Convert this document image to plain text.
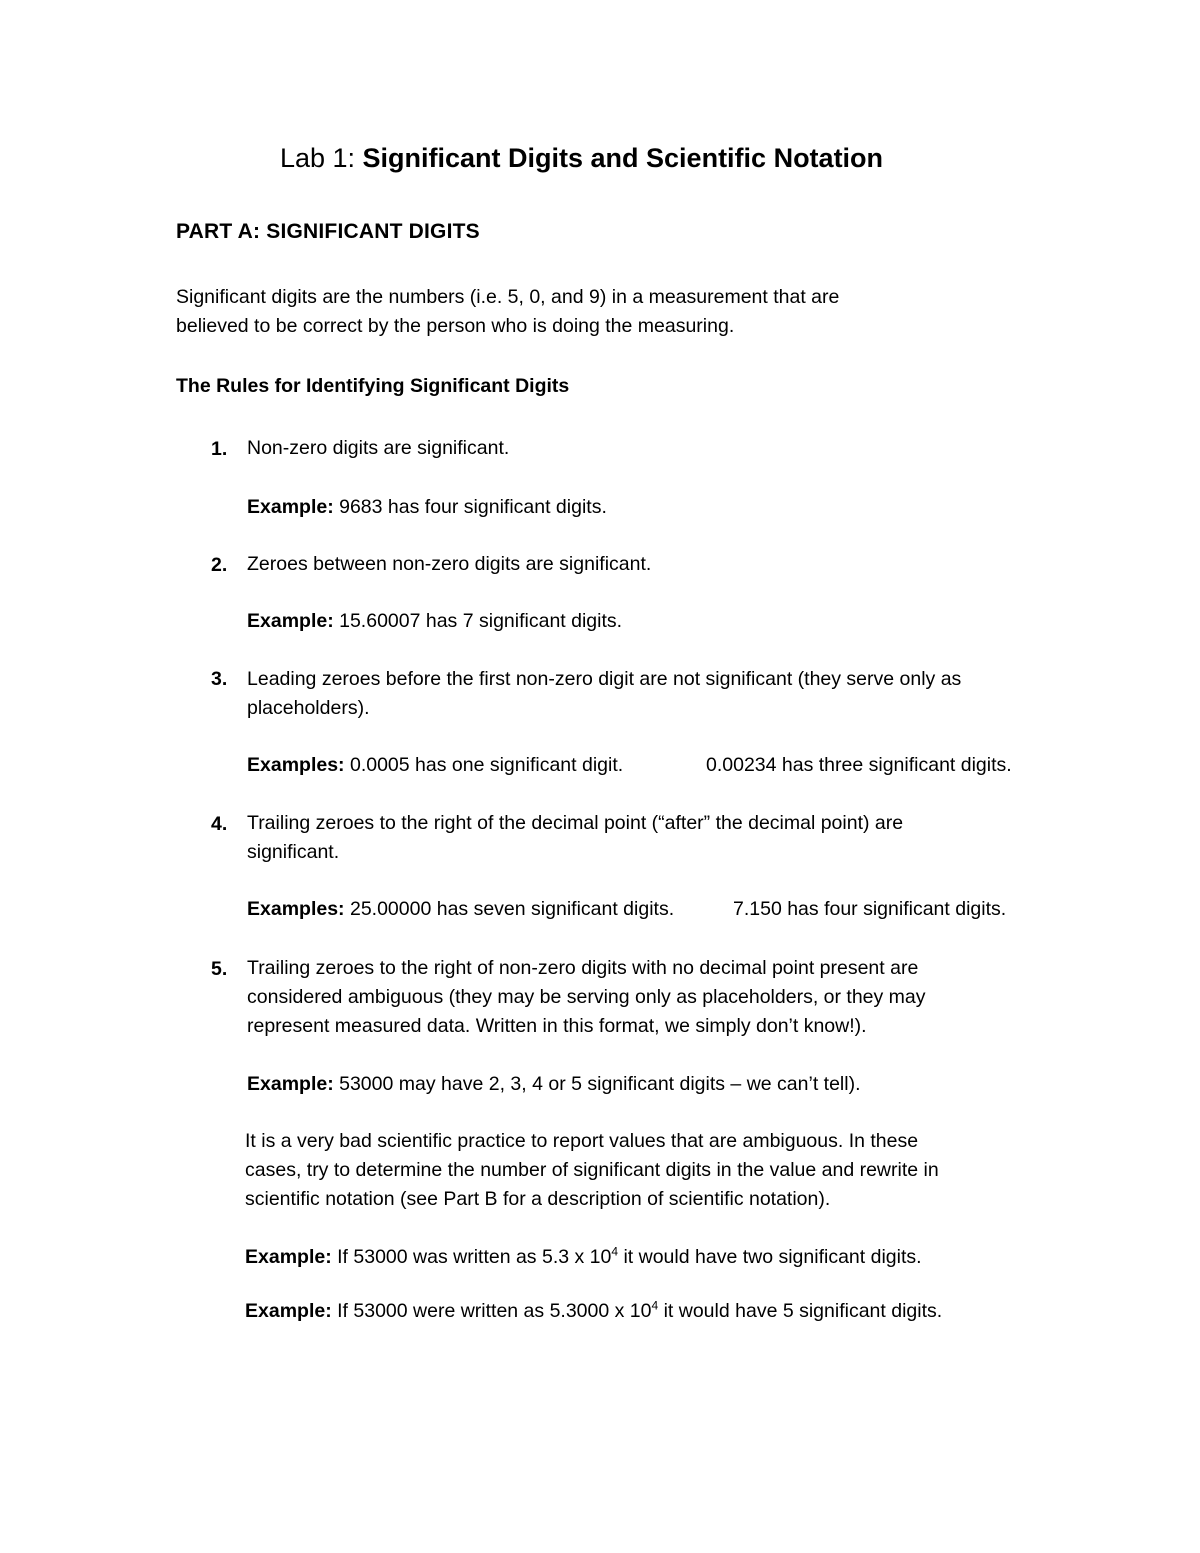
Lab 1: Significant Digits and Scientific Notation
PART A: SIGNIFICANT DIGITS
Significant digits are the numbers (i.e. 5, 0, and 9) in a measurement that are
believed to be correct by the person who is doing the measuring.
The Rules for Identifying Significant Digits
1. Non-zero digits are significant.
Example: 9683 has four significant digits.
2. Zeroes between non-zero digits are significant.
Example: 15.60007 has 7 significant digits.
3. Leading zeroes before the first non-zero digit are not significant (they serve only as
placeholders).
Examples: 0.0005 has one significant digit.	0.00234 has three significant digits.
4. Trailing zeroes to the right of the decimal point (“after” the decimal point) are
significant.
Examples: 25.00000 has seven significant digits.	7.150 has four significant digits.
5. Trailing zeroes to the right of non-zero digits with no decimal point present are
considered ambiguous (they may be serving only as placeholders, or they may
represent measured data. Written in this format, we simply don’t know!).
Example: 53000 may have 2, 3, 4 or 5 significant digits – we can’t tell).
It is a very bad scientific practice to report values that are ambiguous. In these
cases, try to determine the number of significant digits in the value and rewrite in
scientific notation (see Part B for a description of scientific notation).
Example: If 53000 was written as 5.3 x $10^4$ it would have two significant digits.
Example: If 53000 were written as 5.3000 x $10^4$ it would have 5 significant digits.
